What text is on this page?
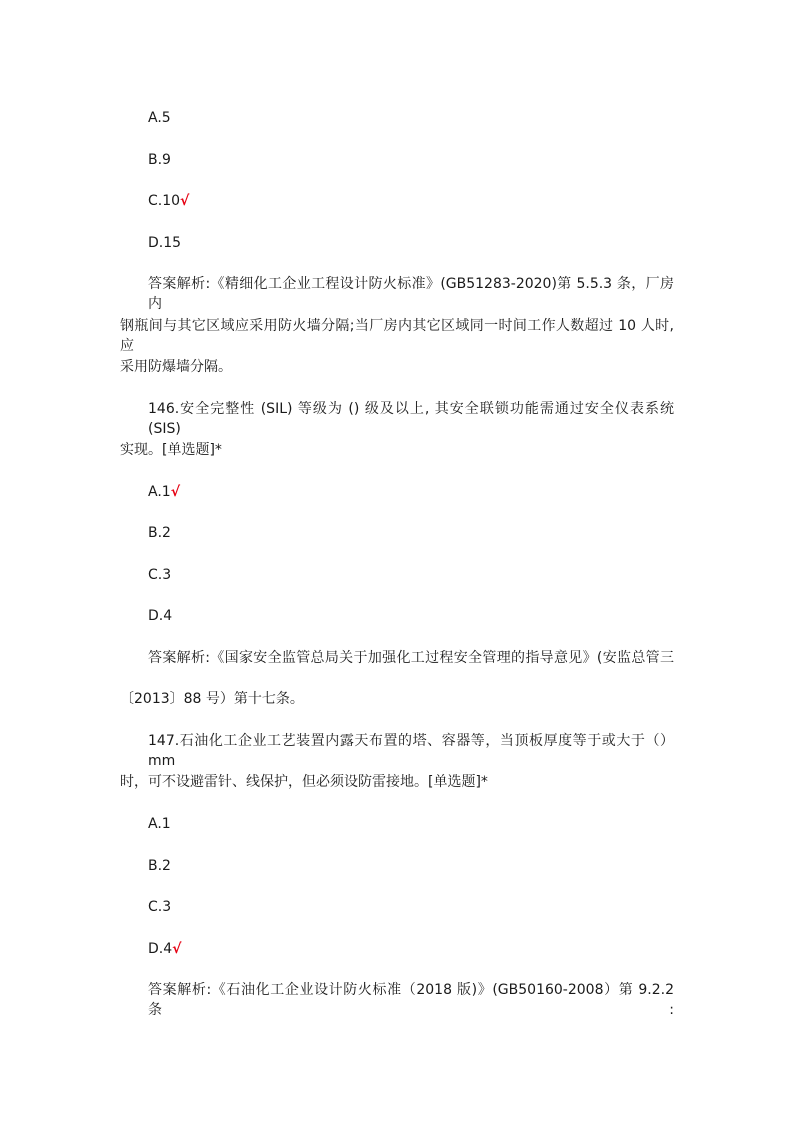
A.5
B.9
C.10√
D.15
答案解析:《精细化工企业工程设计防火标准》(GB51283-2020)第 5.5.3 条，厂房内
钢瓶间与其它区域应采用防火墙分隔;当厂房内其它区域同一时间工作人数超过 10 人时, 应
采用防爆墙分隔。
146.安全完整性 (SIL) 等级为 () 级及以上, 其安全联锁功能需通过安全仪表系统 (SIS)
实现。[单选题]*
A.1√
B.2
C.3
D.4
答案解析:《国家安全监管总局关于加强化工过程安全管理的指导意见》(安监总管三
〔2013〕88 号）第十七条。
147.石油化工企业工艺装置内露天布置的塔、容器等，当顶板厚度等于或大于（）mm
时，可不设避雷针、线保护，但必须设防雷接地。[单选题]*
A.1
B.2
C.3
D.4√
答案解析:《石油化工企业设计防火标准（2018 版)》(GB50160-2008）第 9.2.2 条:
